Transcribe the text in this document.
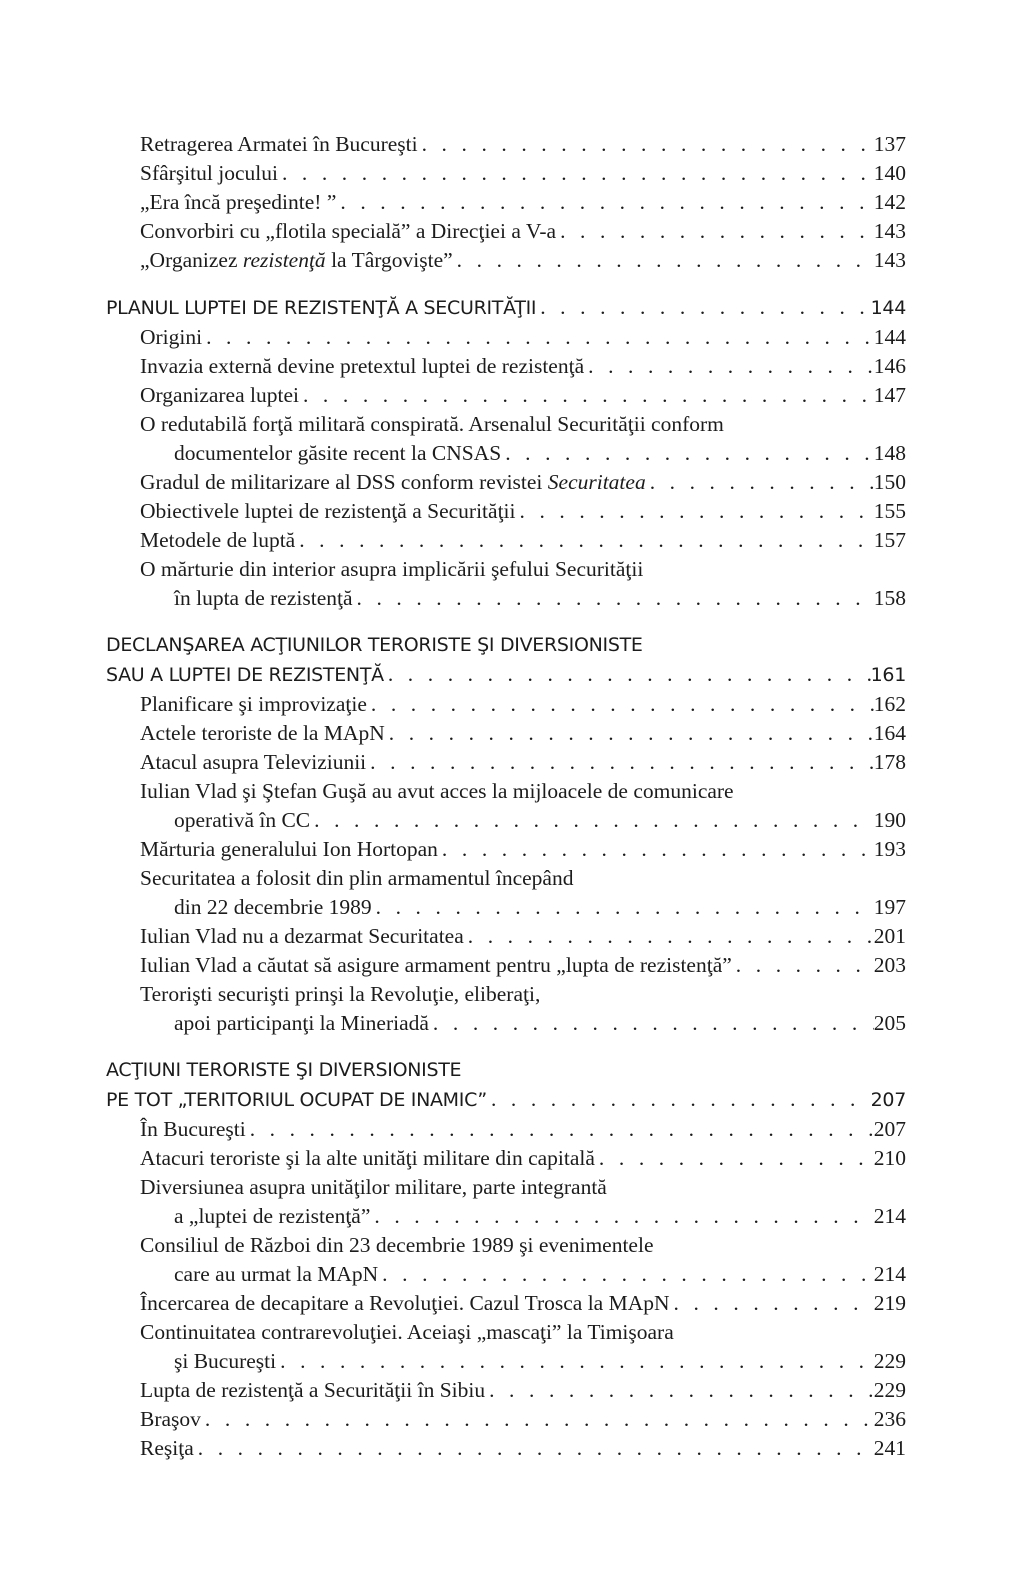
Retragerea Armatei în Bucureşti . . .	137
Sfârşitul jocului . . .	140
„Era încă preşedinte! ” . . .	142
Convorbiri cu „flotila specială” a Direcţiei a V-a . . .	143
„Organizez rezistenţă la Târgovişte” . . .	143
PLANUL LUPTEI DE REZISTENŢĂ A SECURITĂŢII . . .	144
Origini . . .	144
Invazia externă devine pretextul luptei de rezistenţă . . .	146
Organizarea luptei . . .	147
O redutabilă forţă militară conspirată. Arsenalul Securităţii conform
documentelor găsite recent la CNSAS . . .	148
Gradul de militarizare al DSS conform revistei Securitatea . . .	150
Obiectivele luptei de rezistenţă a Securităţii . . .	155
Metodele de luptă . . .	157
O mărturie din interior asupra implicării şefului Securităţii
în lupta de rezistenţă . . .	158
DECLANŞAREA ACŢIUNILOR TERORISTE ŞI DIVERSIONISTE
SAU A LUPTEI DE REZISTENŢĂ . . .	161
Planificare şi improvizaţie . . .	162
Actele teroriste de la MApN . . .	164
Atacul asupra Televiziunii . . .	178
Iulian Vlad şi Ştefan Guşă au avut acces la mijloacele de comunicare
operativă în CC . . .	190
Mărturia generalului Ion Hortopan . . .	193
Securitatea a folosit din plin armamentul începând
din 22 decembrie 1989 . . .	197
Iulian Vlad nu a dezarmat Securitatea . . .	201
Iulian Vlad a căutat să asigure armament pentru „lupta de rezistenţă” . . .	203
Terorişti securişti prinşi la Revoluţie, eliberaţi,
apoi participanţi la Mineriadă . . .	205
ACŢIUNI TERORISTE ŞI DIVERSIONISTE
PE TOT „TERITORIUL OCUPAT DE INAMIC” . . .	207
În Bucureşti . . .	207
Atacuri teroriste şi la alte unităţi militare din capitală . . .	210
Diversiunea asupra unităţilor militare, parte integrantă
a „luptei de rezistenţă” . . .	214
Consiliul de Război din 23 decembrie 1989 şi evenimentele
care au urmat la MApN . . .	214
Încercarea de decapitare a Revoluţiei. Cazul Trosca la MApN . . .	219
Continuitatea contrarevoluţiei. Aceiaşi „mascaţi” la Timişoara
şi Bucureşti . . .	229
Lupta de rezistenţă a Securităţii în Sibiu . . .	229
Braşov . . .	236
Reşiţa . . .	241
